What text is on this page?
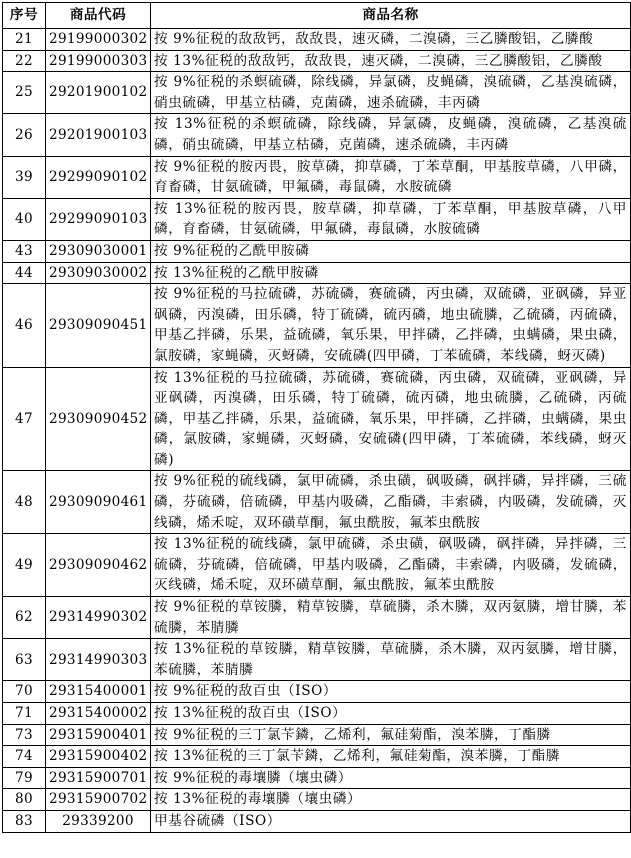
序号	商品代码	商品名称
21	29199000302	按 9%征税的敌敌钙，敌敌畏，速灭磷，二溴磷，三乙膦酸铝，乙膦酸
22	29199000303	按 13%征税的敌敌钙，敌敌畏，速灭磷，二溴磷，三乙膦酸铝，乙膦酸
25	29201900102	按 9%征税的杀螟硫磷，除线磷，异氯磷，皮蝇磷，溴硫磷，乙基溴硫磷，硝虫硫磷，甲基立枯磷，克菌磷，速杀硫磷，丰丙磷
26	29201900103	按 13%征税的杀螟硫磷，除线磷，异氯磷，皮蝇磷，溴硫磷，乙基溴硫磷，硝虫硫磷，甲基立枯磷，克菌磷，速杀硫磷，丰丙磷
39	29299090102	按 9%征税的胺丙畏，胺草磷，抑草磷，丁苯草酮，甲基胺草磷，八甲磷，育畜磷，甘氨硫磷，甲氟磷，毒鼠磷，水胺硫磷
40	29299090103	按 13%征税的胺丙畏，胺草磷，抑草磷，丁苯草酮，甲基胺草磷，八甲磷，育畜磷，甘氨硫磷，甲氟磷，毒鼠磷，水胺硫磷
43	29309030001	按 9%征税的乙酰甲胺磷
44	29309030002	按 13%征税的乙酰甲胺磷
46	29309090451	按 9%征税的马拉硫磷，苏硫磷，赛硫磷，丙虫磷，双硫磷，亚砜磷，异亚砜磷，丙溴磷，田乐磷，特丁硫磷，硫丙磷，地虫硫膦，乙硫磷，丙硫磷，甲基乙拌磷，乐果，益硫磷，氧乐果，甲拌磷，乙拌磷，虫螨磷，果虫磷，氯胺磷，家蝇磷，灭蚜磷，安硫磷(四甲磷，丁苯硫磷，苯线磷，蚜灭磷)
47	29309090452	按 13%征税的马拉硫磷，苏硫磷，赛硫磷，丙虫磷，双硫磷，亚砜磷，异亚砜磷，丙溴磷，田乐磷，特丁硫磷，硫丙磷，地虫硫膦，乙硫磷，丙硫磷，甲基乙拌磷，乐果，益硫磷，氧乐果，甲拌磷，乙拌磷，虫螨磷，果虫磷，氯胺磷，家蝇磷，灭蚜磷，安硫磷(四甲磷，丁苯硫磷，苯线磷，蚜灭磷)
48	29309090461	按 9%征税的硫线磷，氯甲硫磷，杀虫磺，砜吸磷，砜拌磷，异拌磷，三硫磷，芬硫磷，倍硫磷，甲基内吸磷，乙酯磷，丰索磷，内吸磷，发硫磷，灭线磷，烯禾啶，双环磺草酮，氟虫酰胺，氟苯虫酰胺
49	29309090462	按 13%征税的硫线磷，氯甲硫磷，杀虫磺，砜吸磷，砜拌磷，异拌磷，三硫磷，芬硫磷，倍硫磷，甲基内吸磷，乙酯磷，丰索磷，内吸磷，发硫磷，灭线磷，烯禾啶，双环磺草酮，氟虫酰胺，氟苯虫酰胺
62	29314990302	按 9%征税的草铵膦，精草铵膦，草硫膦，杀木膦，双丙氨膦，增甘膦，苯硫膦，苯腈膦
63	29314990303	按 13%征税的草铵膦，精草铵膦，草硫膦，杀木膦，双丙氨膦，增甘膦，苯硫膦，苯腈膦
70	29315400001	按 9%征税的敌百虫（ISO）
71	29315400002	按 13%征税的敌百虫（ISO）
73	29315900401	按 9%征税的三丁氯苄鏻，乙烯利，氟硅菊酯，溴苯膦，丁酯膦
74	29315900402	按 13%征税的三丁氯苄鏻，乙烯利，氟硅菊酯，溴苯膦，丁酯膦
79	29315900701	按 9%征税的毒壤膦（壤虫磷）
80	29315900702	按 13%征税的毒壤膦（壤虫磷）
83	29339200	甲基谷硫磷（ISO）
